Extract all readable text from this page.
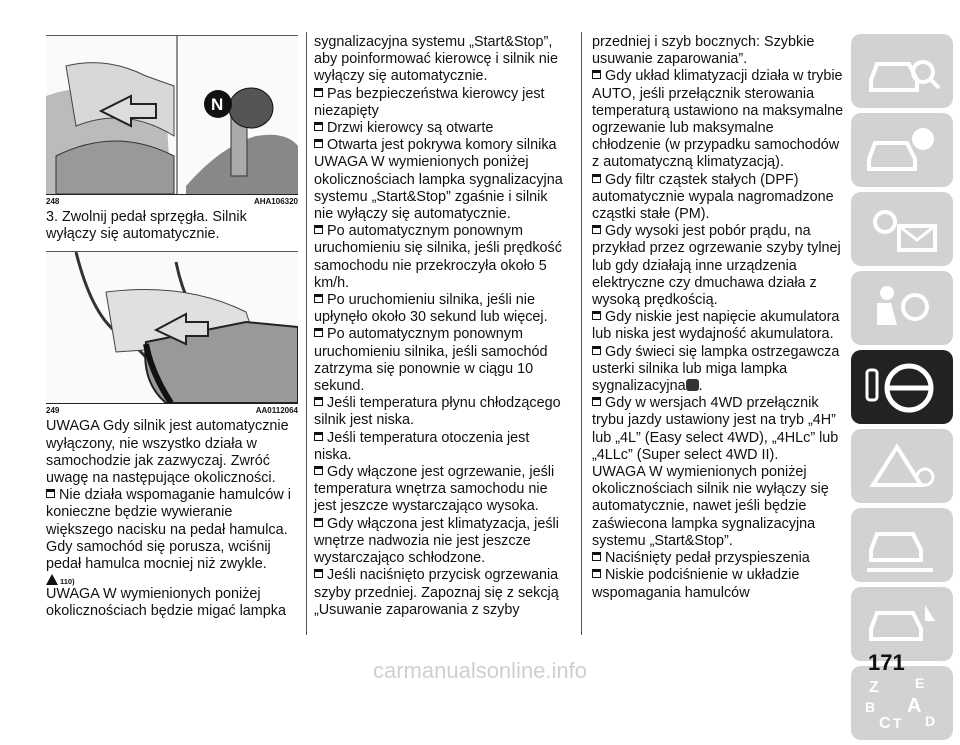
N
248	AHA106320

3. Zwolnij pedał sprzęgła. Silnik wyłączy się automatycznie.

249	AA0112064

UWAGA Gdy silnik jest automatycznie wyłączony, nie wszystko działa w samochodzie jak zazwyczaj. Zwróć uwagę na następujące okoliczności.

Nie działa wspomaganie hamulców i konieczne będzie wywieranie większego nacisku na pedał hamulca. Gdy samochód się porusza, wciśnij pedał hamulca mocniej niż zwykle.

110)

UWAGA W wymienionych poniżej okolicznościach będzie migać lampka

sygnalizacyjna systemu „Start&Stop”, aby poinformować kierowcę i silnik nie wyłączy się automatycznie.

Pas bezpieczeństwa kierowcy jest niezapięty

Drzwi kierowcy są otwarte

Otwarta jest pokrywa komory silnika

UWAGA W wymienionych poniżej okolicznościach lampka sygnalizacyjna systemu „Start&Stop” zgaśnie i silnik nie wyłączy się automatycznie.

Po automatycznym ponownym uruchomieniu się silnika, jeśli prędkość samochodu nie przekroczyła około 5 km/h.

Po uruchomieniu silnika, jeśli nie upłynęło około 30 sekund lub więcej.

Po automatycznym ponownym uruchomieniu silnika, jeśli samochód zatrzyma się ponownie w ciągu 10 sekund.

Jeśli temperatura płynu chłodzącego silnik jest niska.

Jeśli temperatura otoczenia jest niska.

Gdy włączone jest ogrzewanie, jeśli temperatura wnętrza samochodu nie jest jeszcze wystarczająco wysoka.

Gdy włączona jest klimatyzacja, jeśli wnętrze nadwozia nie jest jeszcze wystarczająco schłodzone.

Jeśli naciśnięto przycisk ogrzewania szyby przedniej. Zapoznaj się z sekcją „Usuwanie zaparowania z szyby

przedniej i szyb bocznych: Szybkie usuwanie zaparowania”.

Gdy układ klimatyzacji działa w trybie AUTO, jeśli przełącznik sterowania temperaturą ustawiono na maksymalne ogrzewanie lub maksymalne chłodzenie (w przypadku samochodów z automatyczną klimatyzacją).

Gdy filtr cząstek stałych (DPF) automatycznie wypala nagromadzone cząstki stałe (PM).

Gdy wysoki jest pobór prądu, na przykład przez ogrzewanie szyby tylnej lub gdy działają inne urządzenia elektryczne czy dmuchawa działa z wysoką prędkością.

Gdy niskie jest napięcie akumulatora lub niska jest wydajność akumulatora.

Gdy świeci się lampka ostrzegawcza usterki silnika lub miga lampka sygnalizacyjna .

Gdy w wersjach 4WD przełącznik trybu jazdy ustawiony jest na tryb „4H” lub „4L” (Easy select 4WD), „4HLc” lub „4LLc” (Super select 4WD II).

UWAGA W wymienionych poniżej okolicznościach silnik nie wyłączy się automatycznie, nawet jeśli będzie zaświecona lampka sygnalizacyjna systemu „Start&Stop”.

Naciśnięty pedał przyspieszenia

Niskie podciśnienie w układzie wspomagania hamulców

Z	E
B A
C T D
171
carmanualsonline.info
